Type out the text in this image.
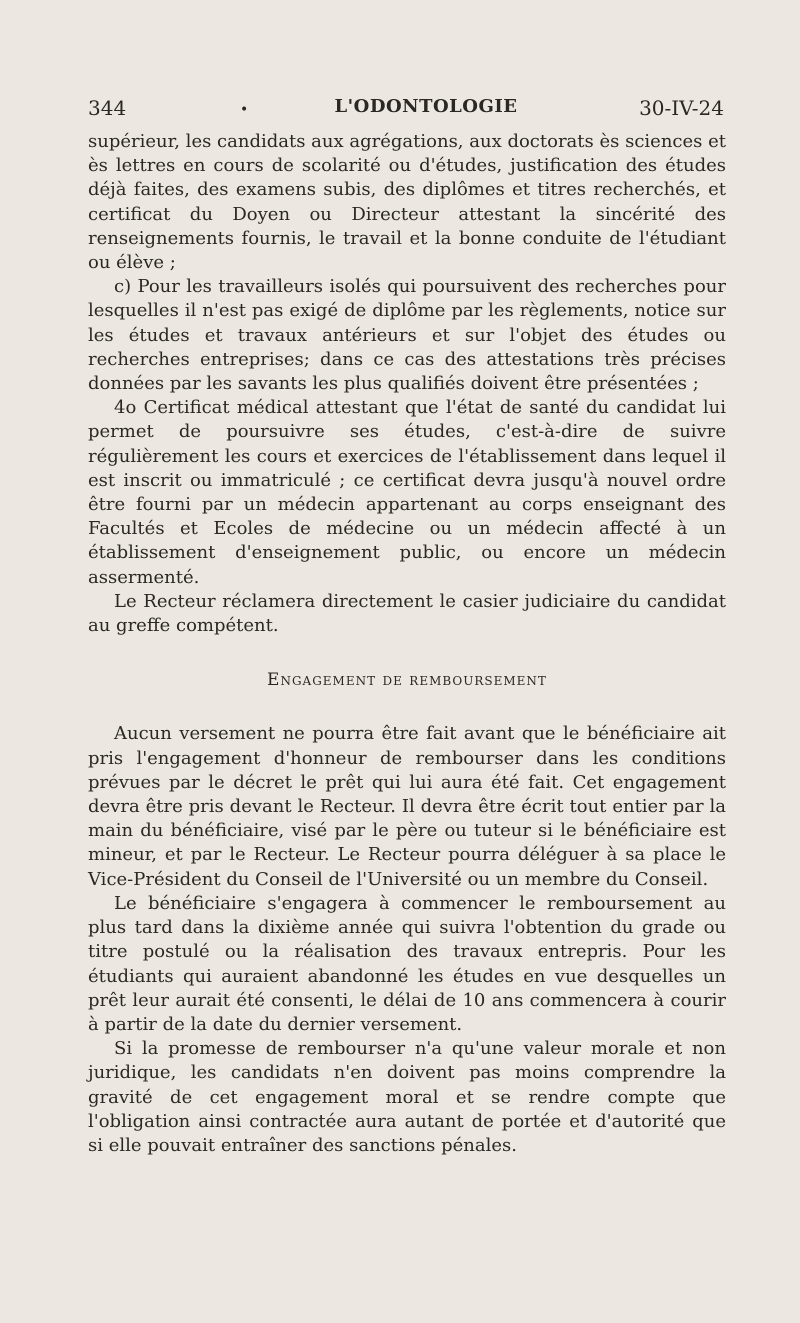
344	•	L'ODONTOLOGIE	30-IV-24

supérieur, les candidats aux agrégations, aux doctorats ès sciences et ès lettres en cours de scolarité ou d'études, justification des études déjà faites, des examens subis, des diplômes et titres recherchés, et certificat du Doyen ou Directeur attestant la sincérité des renseignements fournis, le travail et la bonne conduite de l'étudiant ou élève ;

c) Pour les travailleurs isolés qui poursuivent des recherches pour lesquelles il n'est pas exigé de diplôme par les règlements, notice sur les études et travaux antérieurs et sur l'objet des études ou recherches entreprises; dans ce cas des attestations très précises données par les savants les plus qualifiés doivent être présentées ;

4o Certificat médical attestant que l'état de santé du candidat lui permet de poursuivre ses études, c'est-à-dire de suivre régulièrement les cours et exercices de l'établissement dans lequel il est inscrit ou immatriculé ; ce certificat devra jusqu'à nouvel ordre être fourni par un médecin appartenant au corps enseignant des Facultés et Ecoles de médecine ou un médecin affecté à un établissement d'enseignement public, ou encore un médecin assermenté.

Le Recteur réclamera directement le casier judiciaire du candidat au greffe compétent.

Engagement de remboursement

Aucun versement ne pourra être fait avant que le bénéficiaire ait pris l'engagement d'honneur de rembourser dans les conditions prévues par le décret le prêt qui lui aura été fait. Cet engagement devra être pris devant le Recteur. Il devra être écrit tout entier par la main du bénéficiaire, visé par le père ou tuteur si le bénéficiaire est mineur, et par le Recteur. Le Recteur pourra déléguer à sa place le Vice-Président du Conseil de l'Université ou un membre du Conseil.

Le bénéficiaire s'engagera à commencer le remboursement au plus tard dans la dixième année qui suivra l'obtention du grade ou titre postulé ou la réalisation des travaux entrepris. Pour les étudiants qui auraient abandonné les études en vue desquelles un prêt leur aurait été consenti, le délai de 10 ans commencera à courir à partir de la date du dernier versement.

Si la promesse de rembourser n'a qu'une valeur morale et non juridique, les candidats n'en doivent pas moins comprendre la gravité de cet engagement moral et se rendre compte que l'obligation ainsi contractée aura autant de portée et d'autorité que si elle pouvait entraîner des sanctions pénales.
